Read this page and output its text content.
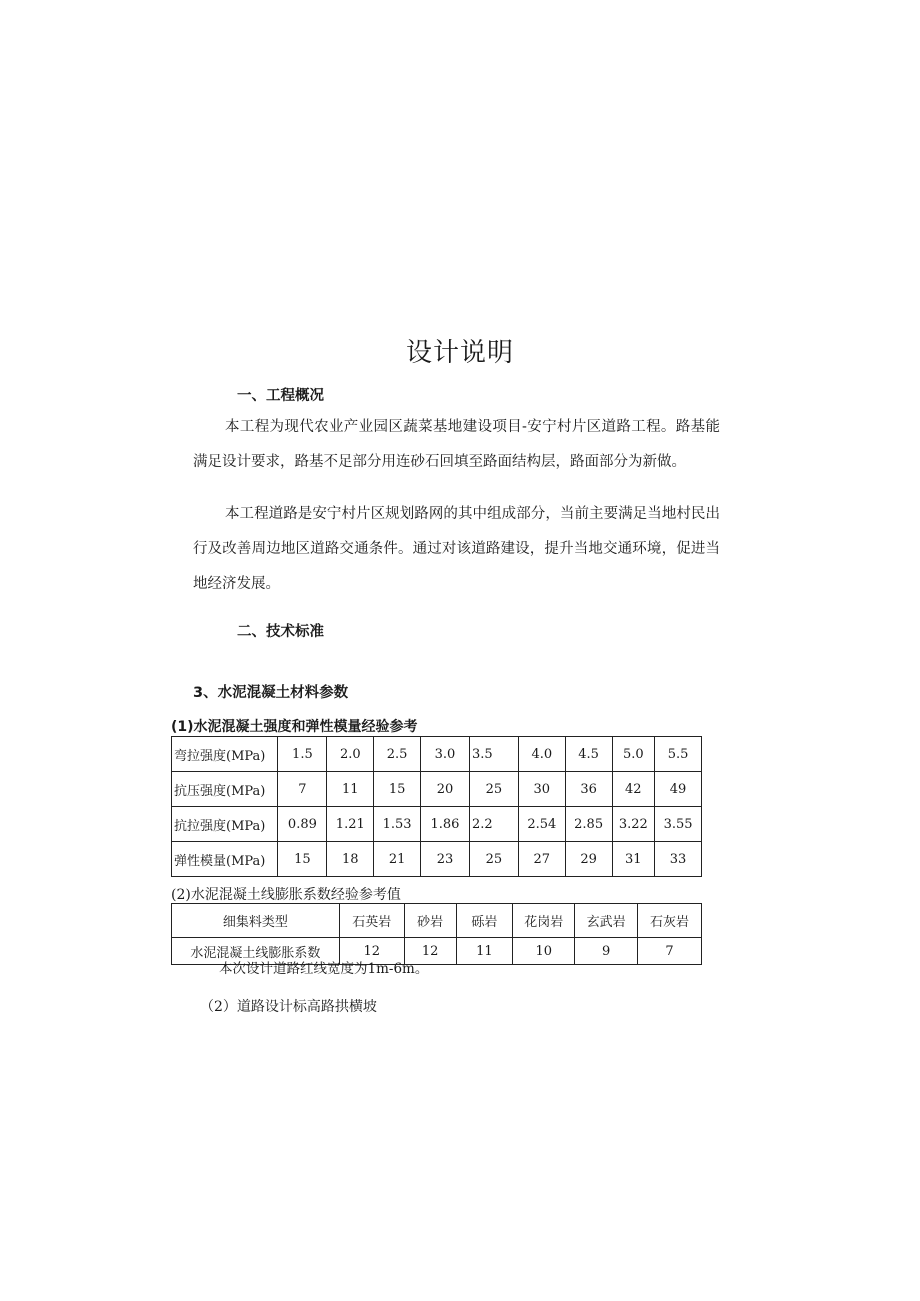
设计说明
一、工程概况
本工程为现代农业产业园区蔬菜基地建设项目-安宁村片区道路工程。路基能满足设计要求，路基不足部分用连砂石回填至路面结构层，路面部分为新做。
本工程道路是安宁村片区规划路网的其中组成部分，当前主要满足当地村民出行及改善周边地区道路交通条件。通过对该道路建设，提升当地交通环境，促进当地经济发展。
二、技术标准
3、水泥混凝土材料参数
(1)水泥混凝土强度和弹性模量经验参考
弯拉强度(MPa)	1.5	2.0	2.5	3.0	3.5	4.0	4.5	5.0	5.5
抗压强度(MPa)	7	11	15	20	25	30	36	42	49
抗拉强度(MPa)	0.89	1.21	1.53	1.86	2.2	2.54	2.85	3.22	3.55
弹性模量(MPa)	15	18	21	23	25	27	29	31	33
(2)水泥混凝土线膨胀系数经验参考值
细集料类型	石英岩	砂岩	砾岩	花岗岩	玄武岩	石灰岩
水泥混凝土线膨胀系数	12	12	11	10	9	7
本次设计道路红线宽度为1m-6m。
（2）道路设计标高路拱横坡
